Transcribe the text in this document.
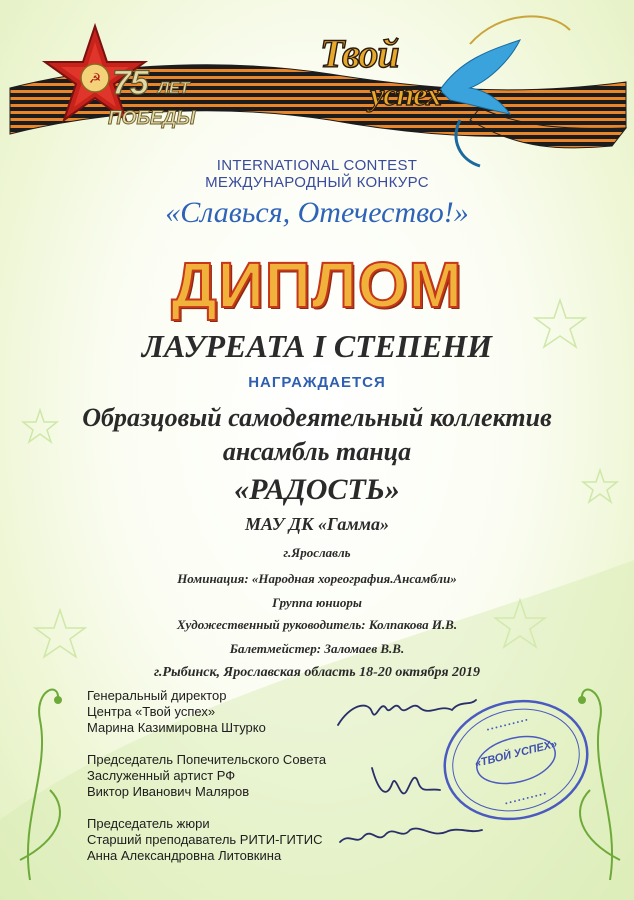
☭
• • • • • • • • • •
• • • • • • • • • •
75 ЛЕТ
ПОБЕДЫ
Твой
успех
INTERNATIONAL CONTEST
МЕЖДУНАРОДНЫЙ КОНКУРС
«Славься, Отечество!»
ДИПЛОМ
ЛАУРЕАТА I СТЕПЕНИ
НАГРАЖДАЕТСЯ
Образцовый самодеятельный коллектив
ансамбль танца
«РАДОСТЬ»
МАУ ДК «Гамма»
г.Ярославль
Номинация: «Народная хореография.Ансамбли»
Группа юниоры
Художественный руководитель: Колпакова И.В.
Балетмейстер: Заломаев В.В.
г.Рыбинск, Ярославская область 18-20 октября 2019
Генеральный директор
Центра «Твой успех»
Марина Казимировна Штурко
Председатель Попечительского Совета
Заслуженный артист РФ
Виктор Иванович Маляров
Председатель жюри
Старший преподаватель РИТИ-ГИТИС
Анна Александровна Литовкина
«ТВОЙ УСПЕХ»
